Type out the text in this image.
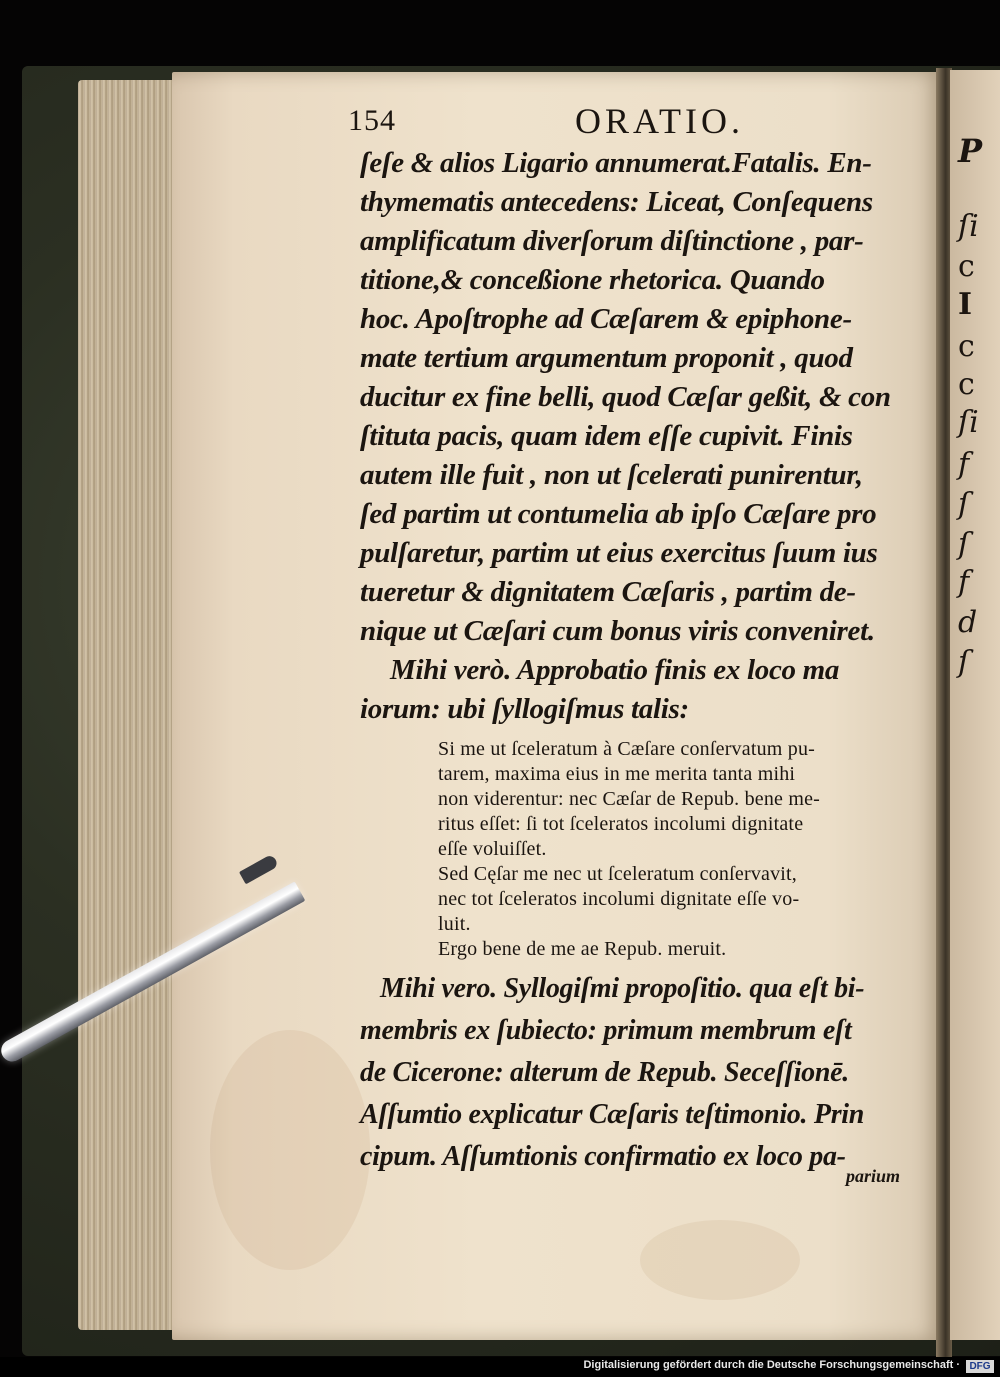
P
ſi
c
I
c
c
ſi
f
ſ
ſ
f
d
ſ
154	ORATIO.
ſeſe & alios Ligario annumerat.Fatalis. En-
thymematis antecedens: Liceat, Conſequens
amplificatum diverſorum diſtinctione , par-
titione,& conceßione rhetorica. Quando
hoc. Apoſtrophe ad Cæſarem & epiphone-
mate tertium argumentum proponit , quod
ducitur ex fine belli, quod Cæſar geßit, & con
ſtituta pacis, quam idem eſſe cupivit. Finis
autem ille fuit , non ut ſcelerati punirentur,
ſed partim ut contumelia ab ipſo Cæſare pro
pulſaretur, partim ut eius exercitus ſuum ius
tueretur & dignitatem Cæſaris , partim de-
nique ut Cæſari cum bonus viris conveniret.
Mihi verò. Approbatio finis ex loco ma
iorum: ubi ſyllogiſmus talis:
Si me ut ſceleratum à Cæſare conſervatum pu-
tarem, maxima eius in me merita tanta mihi
non viderentur: nec Cæſar de Repub. bene me-
ritus eſſet: ſi tot ſceleratos incolumi dignitate
eſſe voluiſſet.
Sed Cęſar me nec ut ſceleratum conſervavit,
nec tot ſceleratos incolumi dignitate eſſe vo-
luit.
Ergo bene de me ae Repub. meruit.
Mihi vero. Syllogiſmi propoſitio. qua eſt bi-
membris ex ſubiecto: primum membrum eſt
de Cicerone: alterum de Repub. Seceſſionē.
Aſſumtio explicatur Cæſaris teſtimonio. Prin
cipum. Aſſumtionis confirmatio ex loco pa-
parium
Digitalisierung gefördert durch die Deutsche Forschungsgemeinschaft · DFG
